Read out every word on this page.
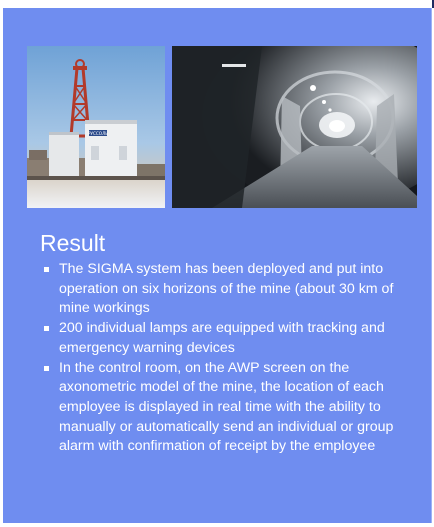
РУССОЛЬ
Result
The SIGMA system has been deployed and put into operation on six horizons of the mine (about 30 km of mine workings
200 individual lamps are equipped with tracking and emergency warning devices
In the control room, on the AWP screen on the axonometric model of the mine, the location of each employee is displayed in real time with the ability to manually or automatically send an individual or group alarm with confirmation of receipt by the employee
